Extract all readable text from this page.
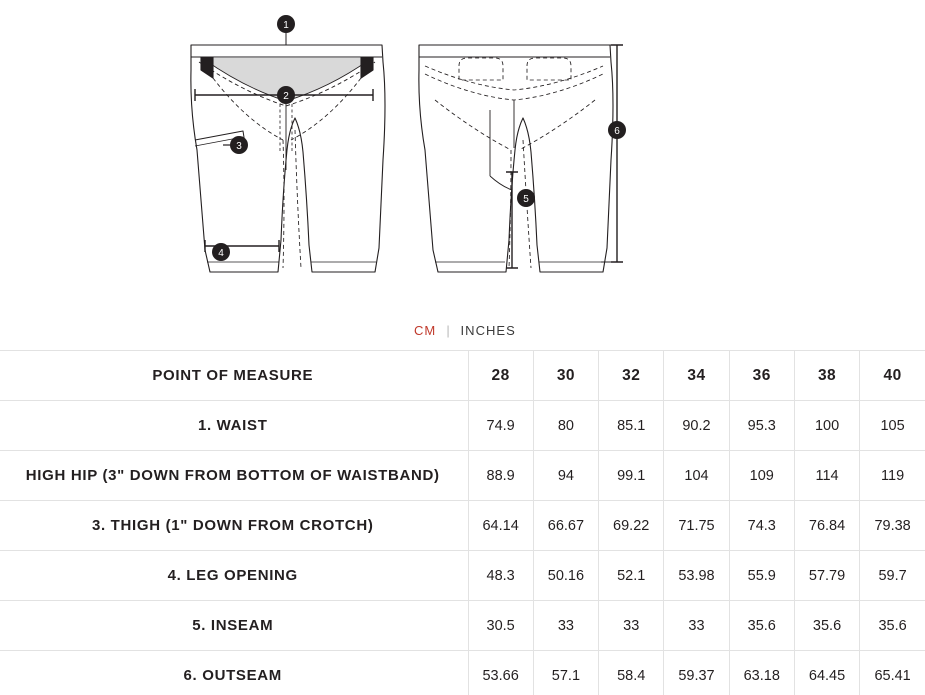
1
2
3
4
5
6
CM | INCHES
POINT OF MEASURE	28	30	32	34	36	38	40
1. WAIST	74.9	80	85.1	90.2	95.3	100	105
HIGH HIP (3" DOWN FROM BOTTOM OF WAISTBAND)	88.9	94	99.1	104	109	114	119
3. THIGH (1" DOWN FROM CROTCH)	64.14	66.67	69.22	71.75	74.3	76.84	79.38
4. LEG OPENING	48.3	50.16	52.1	53.98	55.9	57.79	59.7
5. INSEAM	30.5	33	33	33	35.6	35.6	35.6
6. OUTSEAM	53.66	57.1	58.4	59.37	63.18	64.45	65.41
